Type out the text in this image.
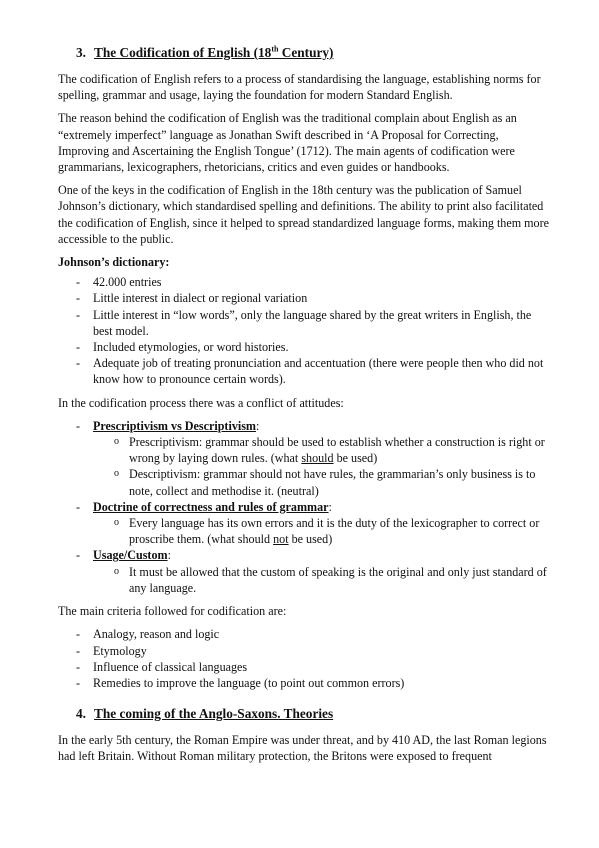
3. The Codification of English (18th Century)

The codification of English refers to a process of standardising the language, establishing norms for spelling, grammar and usage, laying the foundation for modern Standard English.

The reason behind the codification of English was the traditional complain about English as an “extremely imperfect” language as Jonathan Swift described in ‘A Proposal for Correcting, Improving and Ascertaining the English Tongue’ (1712). The main agents of codification were grammarians, lexicographers, rhetoricians, critics and even guides or handbooks.

One of the keys in the codification of English in the 18th century was the publication of Samuel Johnson’s dictionary, which standardised spelling and definitions. The ability to print also facilitated the codification of English, since it helped to spread standardized language forms, making them more accessible to the public.

Johnson’s dictionary:
- 42.000 entries
- Little interest in dialect or regional variation
- Little interest in “low words”, only the language shared by the great writers in English, the best model.
- Included etymologies, or word histories.
- Adequate job of treating pronunciation and accentuation (there were people then who did not know how to pronounce certain words).

In the codification process there was a conflict of attitudes:

- Prescriptivism vs Descriptivism:
o Prescriptivism: grammar should be used to establish whether a construction is right or wrong by laying down rules. (what should be used)
o Descriptivism: grammar should not have rules, the grammarian’s only business is to note, collect and methodise it. (neutral)
- Doctrine of correctness and rules of grammar:
o Every language has its own errors and it is the duty of the lexicographer to correct or proscribe them. (what should not be used)
- Usage/Custom:
o It must be allowed that the custom of speaking is the original and only just standard of any language.

The main criteria followed for codification are:

- Analogy, reason and logic
- Etymology
- Influence of classical languages
- Remedies to improve the language (to point out common errors)
4. The coming of the Anglo-Saxons. Theories

In the early 5th century, the Roman Empire was under threat, and by 410 AD, the last Roman legions had left Britain. Without Roman military protection, the Britons were exposed to frequent
